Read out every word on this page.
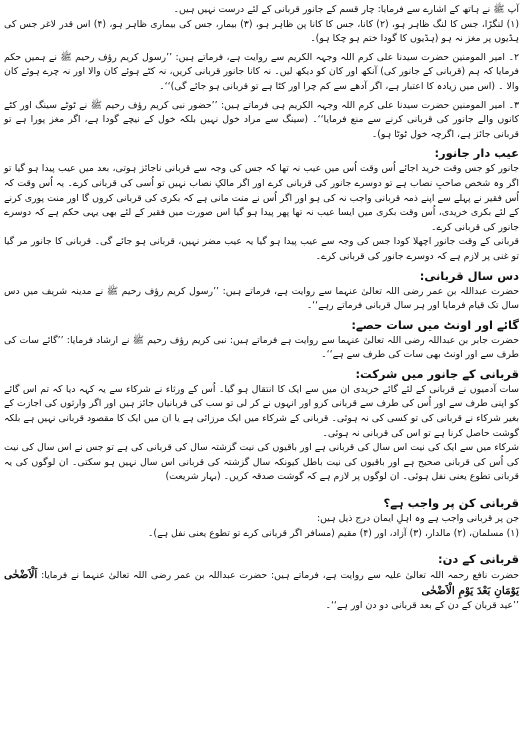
آپ ﷺ نے ہاتھ کے اشارے سے فرمایا: چار قسم کے جانور قربانی کے لئے درست نہیں ہیں۔

(۱) لنگڑا، جس کا لنگ ظاہر ہو، (۲) کانا، جس کا کانا پن ظاہر ہو، (۳) بیمار، جس کی بیماری ظاہر ہو، (۴) اس قدر لاغر جس کی ہڈیوں پر مغز نہ ہو (ہڈیوں کا گودا ختم ہو چکا ہو)۔

۲۔ امیر المومنین حضرت سیدنا علی کرم اللہ وجہہ الکریم سے روایت ہے، فرماتے ہیں: ’’رسول کریم رؤف رحیم ﷺ نے ہمیں حکم فرمایا کہ ہم (قربانی کے جانور کی) آنکھ اور کان کو دیکھ لیں۔ نہ کانا جانور قربانی کریں، نہ کٹے ہوئے کان والا اور نہ چرے ہوئے کان والا ۔ (اس میں زیادہ کا اعتبار ہے، اگر آدھے سے کم چرا اور کٹا ہے تو قربانی ہو جائے گی)‘‘۔

۳۔ امیر المومنین حضرت سیدنا علی کرم اللہ وجہہ الکریم ہی فرماتے ہیں: ’’حضور نبی کریم رؤف رحیم ﷺ نے ٹوٹے سینگ اور کٹے کانوں والے جانور کی قربانی کرنے سے منع فرمایا‘‘۔ (سینگ سے مراد خول نہیں بلکہ خول کے نیچے گودا ہے، اگر مغز پورا ہے تو قربانی جائز ہے، اگرچہ خول ٹوٹا ہو)۔

عیب دار جانور:

جانور کو جس وقت خرید اجائے اُس وقت اُس میں عیب نہ تھا کہ جس کی وجہ سے قربانی ناجائز ہوتی، بعد میں عیب پیدا ہو گیا تو اگر وہ شخص صاحبِ نصاب ہے تو دوسرے جانور کی قربانی کرے اور اگر مالکِ نصاب نہیں تو اُسی کی قربانی کرے۔ یہ اُس وقت کہ اُس فقیر نے پہلے سے اپنے ذمہ قربانی واجب نہ کی ہو اور اگر اُس نے منت مانی ہے کہ بکری کی قربانی کروں گا اور منت پوری کرنے کے لئے بکری خریدی، اُس وقت بکری میں ایسا عیب نہ تھا پھر پیدا ہو گیا اس صورت میں فقیر کے لئے بھی یہی حکم ہے کہ دوسرے جانور کی قربانی کرے۔

قربانی کے وقت جانور اچھلا کودا جس کی وجہ سے عیب پیدا ہو گیا یہ عیب مضر نہیں، قربانی ہو جائے گی۔ قربانی کا جانور مر گیا تو غنی پر لازم ہے کہ دوسرے جانور کی قربانی کرے۔

دس سال قربانی:

حضرت عبداللہ بن عمر رضی اللہ تعالیٰ عنہما سے روایت ہے، فرماتے ہیں: ’’رسول کریم رؤف رحیم ﷺ نے مدینہ شریف میں دس سال تک قیام فرمایا اور ہر سال قربانی فرماتے رہے‘‘۔

گائے اور اونٹ میں سات حصے:

حضرت جابر بن عبداللہ رضی اللہ تعالیٰ عنہما سے روایت ہے فرماتے ہیں: نبی کریم رؤف رحیم ﷺ نے ارشاد فرمایا: ’’گائے سات کی طرف سے اور اونٹ بھی سات کی طرف سے ہے‘‘۔

قربانی کے جانور میں شرکت:

سات آدمیوں نے قربانی کے لئے گائے خریدی ان میں سے ایک کا انتقال ہو گیا۔ اُس کے ورثاء نے شرکاء سے یہ کہہ دیا کہ تم اس گائے کو اپنی طرف سے اور اُس کی طرف سے قربانی کرو اور انہوں نے کر لی تو سب کی قربانیاں جائز ہیں اور اگر وارثوں کی اجازت کے بغیر شرکاء نے قربانی کی تو کسی کی نہ ہوئی۔ قربانی کے شرکاء میں ایک مرزائی ہے یا ان میں ایک کا مقصود قربانی نہیں ہے بلکہ گوشت حاصل کرنا ہے تو اس کی قربانی نہ ہوئی۔

شرکاء میں سے ایک کی نیت اس سال کی قربانی ہے اور باقیوں کی نیت گزشتہ سال کی قربانی کی ہے تو جس نے اس سال کی نیت کی اُس کی قربانی صحیح ہے اور باقیوں کی نیت باطل کیونکہ سال گزشتہ کی قربانی اس سال نہیں ہو سکتی۔ ان لوگوں کی یہ قربانی تطوع یعنی نفل ہوئی۔ ان لوگوں پر لازم ہے کہ گوشت صدقہ کریں۔ (بہار شریعت)

قربانی کن پر واجب ہے؟

جن پر قربانی واجب ہے وہ اہلِ ایمان درج ذیل ہیں:

(۱) مسلمان، (۲) مالدار، (۳) آزاد، اور (۴) مقیم (مسافر اگر قربانی کرے تو تطوع یعنی نفل ہے)۔

قربانی کے دن:

حضرت نافع رحمہ اللہ تعالیٰ علیہ سے روایت ہے، فرماتے ہیں: حضرت عبداللہ بن عمر رضی اللہ تعالیٰ عنہما نے فرمایا: اَلْاَضْحٰی یَوْمَانِ بَعْدَ یَوْمِ الْاَضْحٰی

’’عید قربان کے دن کے بعد قربانی دو دن اور ہے‘‘۔
